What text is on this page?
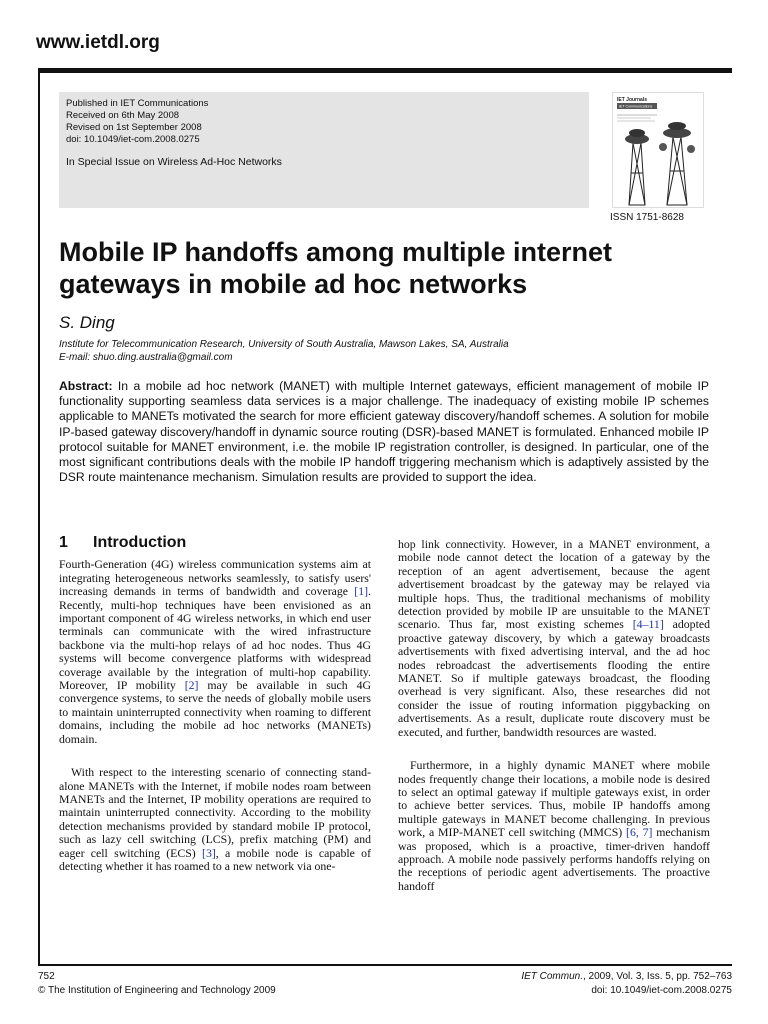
www.ietdl.org
Published in IET Communications
Received on 6th May 2008
Revised on 1st September 2008
doi: 10.1049/iet-com.2008.0275
In Special Issue on Wireless Ad-Hoc Networks
IET Journals
IET Communications
ISSN 1751-8628
Mobile IP handoffs among multiple internet
gateways in mobile ad hoc networks
S. Ding
Institute for Telecommunication Research, University of South Australia, Mawson Lakes, SA, Australia
E-mail: shuo.ding.australia@gmail.com
Abstract: In a mobile ad hoc network (MANET) with multiple Internet gateways, efficient management of mobile IP functionality supporting seamless data services is a major challenge. The inadequacy of existing mobile IP schemes applicable to MANETs motivated the search for more efficient gateway discovery/handoff schemes. A solution for mobile IP-based gateway discovery/handoff in dynamic source routing (DSR)-based MANET is formulated. Enhanced mobile IP protocol suitable for MANET environment, i.e. the mobile IP registration controller, is designed. In particular, one of the most significant contributions deals with the mobile IP handoff triggering mechanism which is adaptively assisted by the DSR route maintenance mechanism. Simulation results are provided to support the idea.

1 Introduction

Fourth-Generation (4G) wireless communication systems aim at integrating heterogeneous networks seamlessly, to satisfy users' increasing demands in terms of bandwidth and coverage [1]. Recently, multi-hop techniques have been envisioned as an important component of 4G wireless networks, in which end user terminals can communicate with the wired infrastructure backbone via the multi-hop relays of ad hoc nodes. Thus 4G systems will become convergence platforms with widespread coverage available by the integration of multi-hop capability. Moreover, IP mobility [2] may be available in such 4G convergence systems, to serve the needs of globally mobile users to maintain uninterrupted connectivity when roaming to different domains, including the mobile ad hoc networks (MANETs) domain.

With respect to the interesting scenario of connecting stand-alone MANETs with the Internet, if mobile nodes roam between MANETs and the Internet, IP mobility operations are required to maintain uninterrupted connectivity. According to the mobility detection mechanisms provided by standard mobile IP protocol, such as lazy cell switching (LCS), prefix matching (PM) and eager cell switching (ECS) [3], a mobile node is capable of detecting whether it has roamed to a new network via one-

hop link connectivity. However, in a MANET environment, a mobile node cannot detect the location of a gateway by the reception of an agent advertisement, because the agent advertisement broadcast by the gateway may be relayed via multiple hops. Thus, the traditional mechanisms of mobility detection provided by mobile IP are unsuitable to the MANET scenario. Thus far, most existing schemes [4–11] adopted proactive gateway discovery, by which a gateway broadcasts advertisements with fixed advertising interval, and the ad hoc nodes rebroadcast the advertisements flooding the entire MANET. So if multiple gateways broadcast, the flooding overhead is very significant. Also, these researches did not consider the issue of routing information piggybacking on advertisements. As a result, duplicate route discovery must be executed, and further, bandwidth resources are wasted.

Furthermore, in a highly dynamic MANET where mobile nodes frequently change their locations, a mobile node is desired to select an optimal gateway if multiple gateways exist, in order to achieve better services. Thus, mobile IP handoffs among multiple gateways in MANET become challenging. In previous work, a MIP-MANET cell switching (MMCS) [6, 7] mechanism was proposed, which is a proactive, timer-driven handoff approach. A mobile node passively performs handoffs relying on the receptions of periodic agent advertisements. The proactive handoff

752
© The Institution of Engineering and Technology 2009
IET Commun., 2009, Vol. 3, Iss. 5, pp. 752–763
doi: 10.1049/iet-com.2008.0275
